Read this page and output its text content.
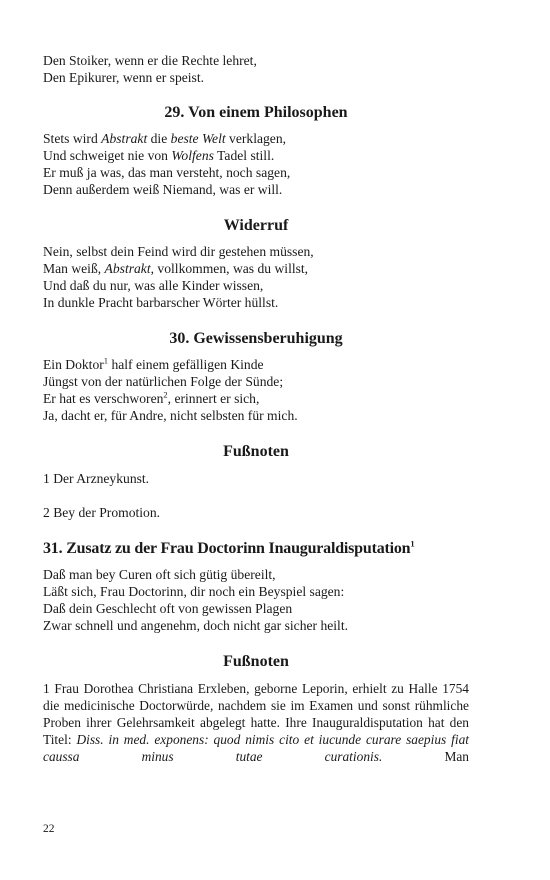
Den Stoiker, wenn er die Rechte lehret,
Den Epikurer, wenn er speist.
29. Von einem Philosophen
Stets wird Abstrakt die beste Welt verklagen,
Und schweiget nie von Wolfens Tadel still.
Er muß ja was, das man versteht, noch sagen,
Denn außerdem weiß Niemand, was er will.
Widerruf
Nein, selbst dein Feind wird dir gestehen müssen,
Man weiß, Abstrakt, vollkommen, was du willst,
Und daß du nur, was alle Kinder wissen,
In dunkle Pracht barbarscher Wörter hüllst.
30. Gewissensberuhigung
Ein Doktor$^1$ half einem gefälligen Kinde
Jüngst von der natürlichen Folge der Sünde;
Er hat es verschworen$^2$, erinnert er sich,
Ja, dacht er, für Andre, nicht selbsten für mich.
Fußnoten

1 Der Arzneykunst.

2 Bey der Promotion.

31. Zusatz zu der Frau Doctorinn Inauguraldisputation$^1$
Daß man bey Curen oft sich gütig übereilt,
Läßt sich, Frau Doctorinn, dir noch ein Beyspiel sagen:
Daß dein Geschlecht oft von gewissen Plagen
Zwar schnell und angenehm, doch nicht gar sicher heilt.
Fußnoten

1 Frau Dorothea Christiana Erxleben, geborne Leporin, erhielt zu Halle 1754 die medicinische Doctorwürde, nachdem sie im Examen und sonst rühmliche Proben ihrer Gelehrsamkeit abgelegt hatte. Ihre Inauguraldisputation hat den Titel: Diss. in med. exponens: quod nimis cito et iucunde curare saepius fiat caussa minus tutae curationis. Man

22
